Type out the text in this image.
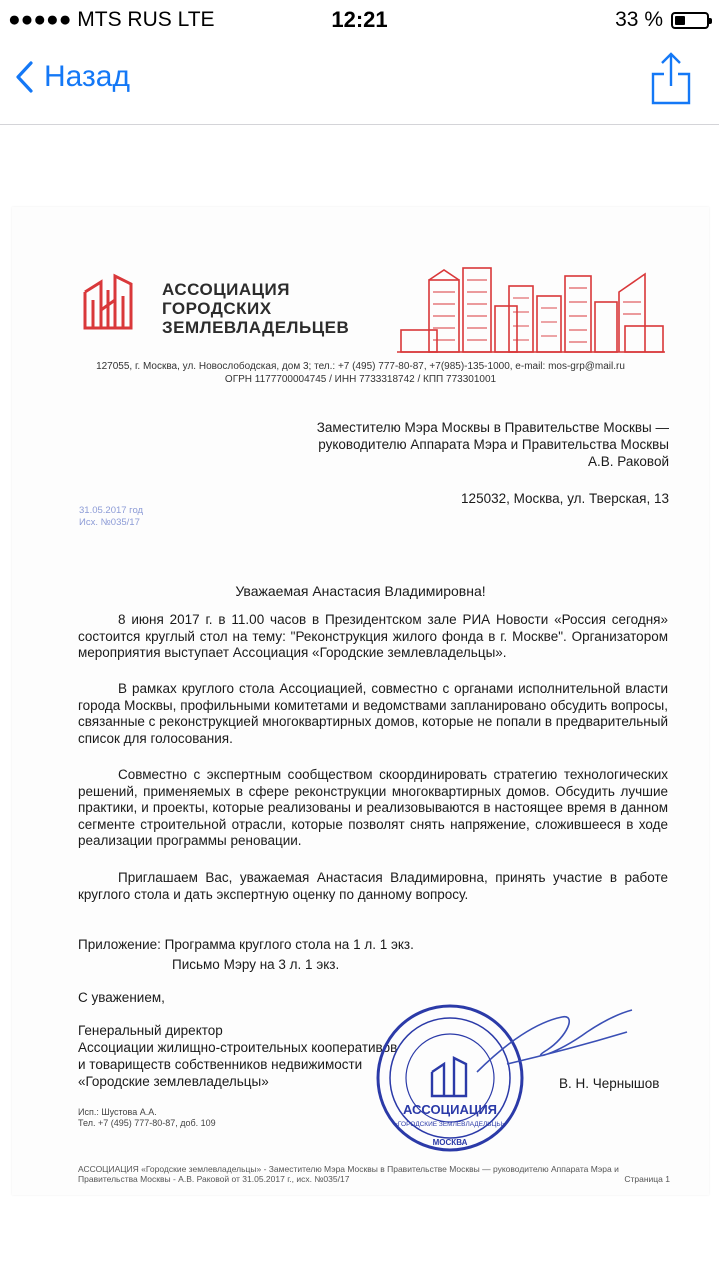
●●●●● MTS RUS LTE	12:21	33 %
Назад
АССОЦИАЦИЯ
ГОРОДСКИХ
ЗЕМЛЕВЛАДЕЛЬЦЕВ
127055, г. Москва, ул. Новослободская, дом 3; тел.: +7 (495) 777-80-87, +7(985)-135-1000, e-mail: mos-grp@mail.ru
ОГРН 1177700004745 / ИНН 7733318742 / КПП 773301001
Заместителю Мэра Москвы в Правительстве Москвы —
руководителю Аппарата Мэра и Правительства Москвы
А.В. Раковой
125032, Москва, ул. Тверская, 13
31.05.2017 год
Исх. №035/17
Уважаемая Анастасия Владимировна!
8 июня 2017 г. в 11.00 часов в Президентском зале РИА Новости «Россия сегодня» состоится круглый стол на тему: "Реконструкция жилого фонда в г. Москве". Организатором мероприятия выступает Ассоциация «Городские землевладельцы».
В рамках круглого стола Ассоциацией, совместно с органами исполнительной власти города Москвы, профильными комитетами и ведомствами запланировано обсудить вопросы, связанные с реконструкцией многоквартирных домов, которые не попали в предварительный список для голосования.
Совместно с экспертным сообществом скоординировать стратегию технологических решений, применяемых в сфере реконструкции многоквартирных домов. Обсудить лучшие практики, и проекты, которые реализованы и реализовываются в настоящее время в данном сегменте строительной отрасли, которые позволят снять напряжение, сложившееся в ходе реализации программы реновации.
Приглашаем Вас, уважаемая Анастасия Владимировна, принять участие в работе круглого стола и дать экспертную оценку по данному вопросу.
Приложение: Программа круглого стола на 1 л. 1 экз.
Письмо Мэру на 3 л. 1 экз.
С уважением,
Генеральный директор
Ассоциации жилищно-строительных кооперативов
и товариществ собственников недвижимости
«Городские землевладельцы»
АССОЦИАЦИЯ
«ГОРОДСКИЕ ЗЕМЛЕВЛАДЕЛЬЦЫ»
МОСКВА
В. Н. Чернышов
Исп.: Шустова А.А.
Тел. +7 (495) 777-80-87, доб. 109
АССОЦИАЦИЯ «Городские землевладельцы» - Заместителю Мэра Москвы в Правительстве Москвы — руководителю Аппарата Мэра и Правительства Москвы - А.В. Раковой от 31.05.2017 г., исх. №035/17	Страница 1
